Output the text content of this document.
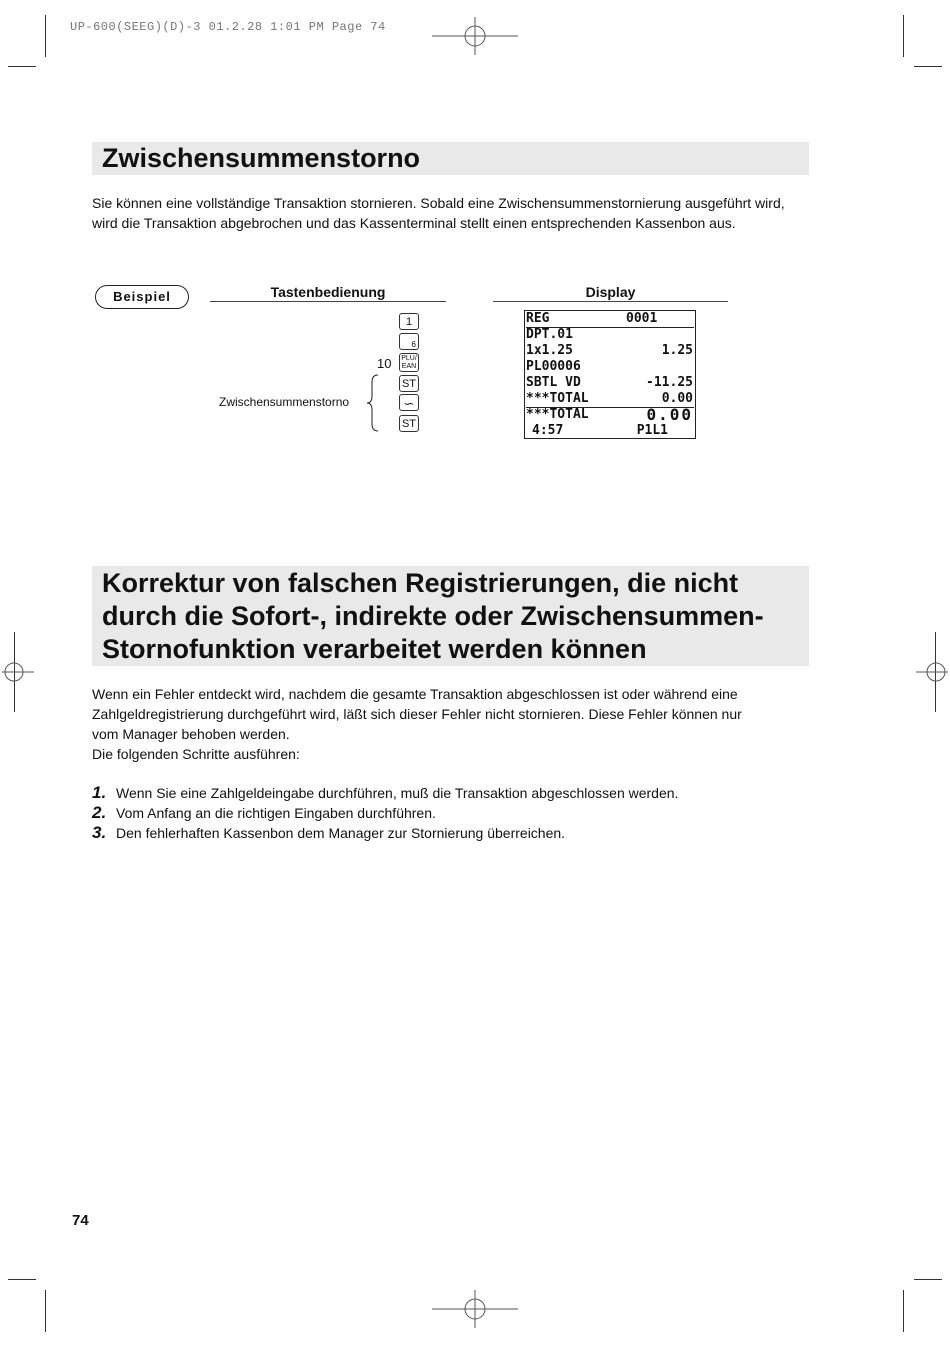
UP-600(SEEG)(D)-3 01.2.28 1:01 PM Page 74
Zwischensummenstorno
Sie können eine vollständige Transaktion stornieren. Sobald eine Zwischensummenstornierung ausgeführt wird, wird die Transaktion abgebrochen und das Kassenterminal stellt einen entsprechenden Kassenbon aus.
Beispiel	Tastenbedienung	Display
1
6
10 PLU/
EAN
ST
∽
ST
Zwischensummenstorno
REG	0001
DPT.01
1x1.25	1.25
PL00006
SBTL VD	-11.25
***TOTAL	0.00
***TOTAL	0.00
4:57	P1L1
Korrektur von falschen Registrierungen, die nicht
durch die Sofort-, indirekte oder Zwischensummen-
Stornofunktion verarbeitet werden können
Wenn ein Fehler entdeckt wird, nachdem die gesamte Transaktion abgeschlossen ist oder während eine
Zahlgeldregistrierung durchgeführt wird, läßt sich dieser Fehler nicht stornieren. Diese Fehler können nur
vom Manager behoben werden.
Die folgenden Schritte ausführen:
1. Wenn Sie eine Zahlgeldeingabe durchführen, muß die Transaktion abgeschlossen werden.
2. Vom Anfang an die richtigen Eingaben durchführen.
3. Den fehlerhaften Kassenbon dem Manager zur Stornierung überreichen.
74
